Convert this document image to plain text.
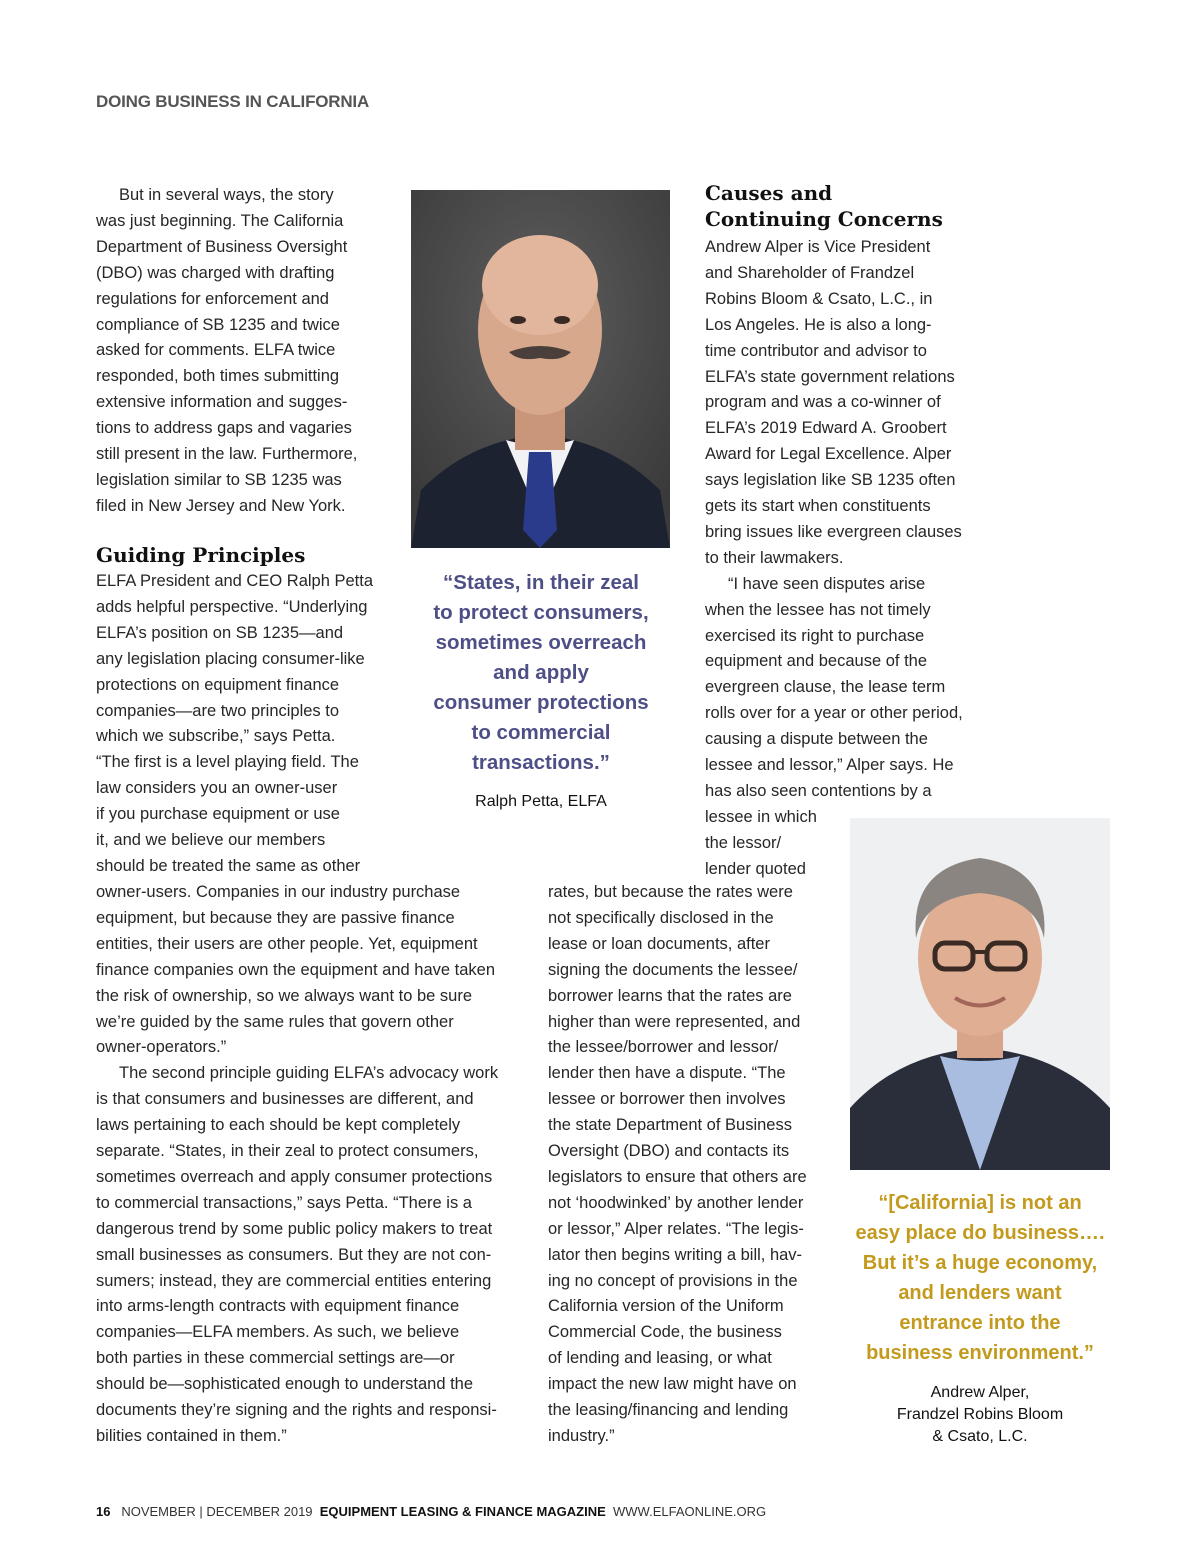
DOING BUSINESS IN CALIFORNIA
But in several ways, the story
was just beginning. The California
Department of Business Oversight
(DBO) was charged with drafting
regulations for enforcement and
compliance of SB 1235 and twice
asked for comments. ELFA twice
responded, both times submitting
extensive information and sugges-
tions to address gaps and vagaries
still present in the law. Furthermore,
legislation similar to SB 1235 was
filed in New Jersey and New York.
Guiding Principles
ELFA President and CEO Ralph Petta
adds helpful perspective. “Underlying
ELFA’s position on SB 1235—and
any legislation placing consumer-like
protections on equipment finance
companies—are two principles to
which we subscribe,” says Petta.
“The first is a level playing field. The
law considers you an owner-user
if you purchase equipment or use
it, and we believe our members
should be treated the same as other
owner-users. Companies in our industry purchase
equipment, but because they are passive finance
entities, their users are other people. Yet, equipment
finance companies own the equipment and have taken
the risk of ownership, so we always want to be sure
we’re guided by the same rules that govern other
owner-operators.”
The second principle guiding ELFA’s advocacy work
is that consumers and businesses are different, and
laws pertaining to each should be kept completely
separate. “States, in their zeal to protect consumers,
sometimes overreach and apply consumer protections
to commercial transactions,” says Petta. “There is a
dangerous trend by some public policy makers to treat
small businesses as consumers. But they are not con-
sumers; instead, they are commercial entities entering
into arms-length contracts with equipment finance
companies—ELFA members. As such, we believe
both parties in these commercial settings are—or
should be—sophisticated enough to understand the
documents they’re signing and the rights and responsi-
bilities contained in them.”
“States, in their zeal
to protect consumers,
sometimes overreach
and apply
consumer protections
to commercial
transactions.”
Ralph Petta, ELFA
Causes and
Continuing Concerns
Andrew Alper is Vice President
and Shareholder of Frandzel
Robins Bloom & Csato, L.C., in
Los Angeles. He is also a long-
time contributor and advisor to
ELFA’s state government relations
program and was a co-winner of
ELFA’s 2019 Edward A. Groobert
Award for Legal Excellence. Alper
says legislation like SB 1235 often
gets its start when constituents
bring issues like evergreen clauses
to their lawmakers.
“I have seen disputes arise
when the lessee has not timely
exercised its right to purchase
equipment and because of the
evergreen clause, the lease term
rolls over for a year or other period,
causing a dispute between the
lessee and lessor,” Alper says. He
has also seen contentions by a
lessee in which
the lessor/
lender quoted
rates, but because the rates were
not specifically disclosed in the
lease or loan documents, after
signing the documents the lessee/
borrower learns that the rates are
higher than were represented, and
the lessee/borrower and lessor/
lender then have a dispute. “The
lessee or borrower then involves
the state Department of Business
Oversight (DBO) and contacts its
legislators to ensure that others are
not ‘hoodwinked’ by another lender
or lessor,” Alper relates. “The legis-
lator then begins writing a bill, hav-
ing no concept of provisions in the
California version of the Uniform
Commercial Code, the business
of lending and leasing, or what
impact the new law might have on
the leasing/financing and lending
industry.”
“[California] is not an
easy place do business….
But it’s a huge economy,
and lenders want
entrance into the
business environment.”
Andrew Alper,
Frandzel Robins Bloom
& Csato, L.C.
16 NOVEMBER | DECEMBER 2019 EQUIPMENT LEASING & FINANCE MAGAZINE WWW.ELFAONLINE.ORG
